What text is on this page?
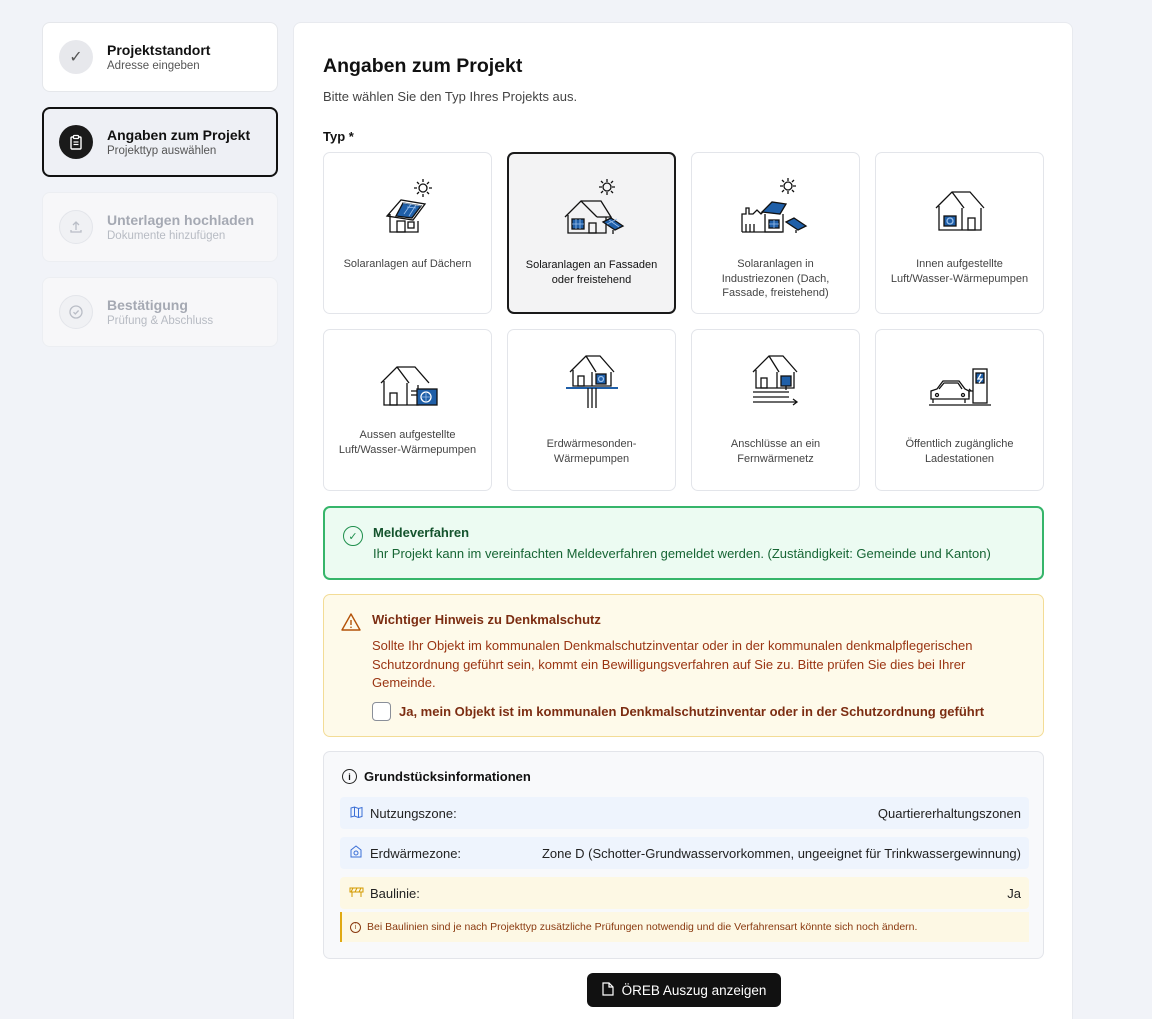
✓	Projektstandort
Adresse eingeben
Angaben zum Projekt
Projekttyp auswählen
Unterlagen hochladen
Dokumente hinzufügen
Bestätigung
Prüfung & Abschluss
Angaben zum Projekt
Bitte wählen Sie den Typ Ihres Projekts aus.
Typ *
Solaranlagen auf Dächern	Solaranlagen an Fassaden oder freistehend
Solaranlagen in Industriezonen (Dach, Fassade, freistehend)
Innen aufgestellte Luft/Wasser-Wärmepumpen
Aussen aufgestellte Luft/Wasser-Wärmepumpen	Erdwärmesonden-Wärmepumpen
Anschlüsse an ein Fernwärmenetz
Öffentlich zugängliche Ladestationen
✓	Meldeverfahren
Ihr Projekt kann im vereinfachten Meldeverfahren gemeldet werden. (Zuständigkeit: Gemeinde und Kanton)
Wichtiger Hinweis zu Denkmalschutz
Sollte Ihr Objekt im kommunalen Denkmalschutzinventar oder in der kommunalen denkmalpflegerischen Schutzordnung geführt sein, kommt ein Bewilligungsverfahren auf Sie zu. Bitte prüfen Sie dies bei Ihrer Gemeinde.
Ja, mein Objekt ist im kommunalen Denkmalschutzinventar oder in der Schutzordnung geführt
i	Grundstücksinformationen
Nutzungszone:	Quartiererhaltungszonen
Erdwärmezone:	Zone D (Schotter-Grundwasservorkommen, ungeeignet für Trinkwassergewinnung)
Baulinie:	Ja
i	Bei Baulinien sind je nach Projekttyp zusätzliche Prüfungen notwendig und die Verfahrensart könnte sich noch ändern.
ÖREB Auszug anzeigen
